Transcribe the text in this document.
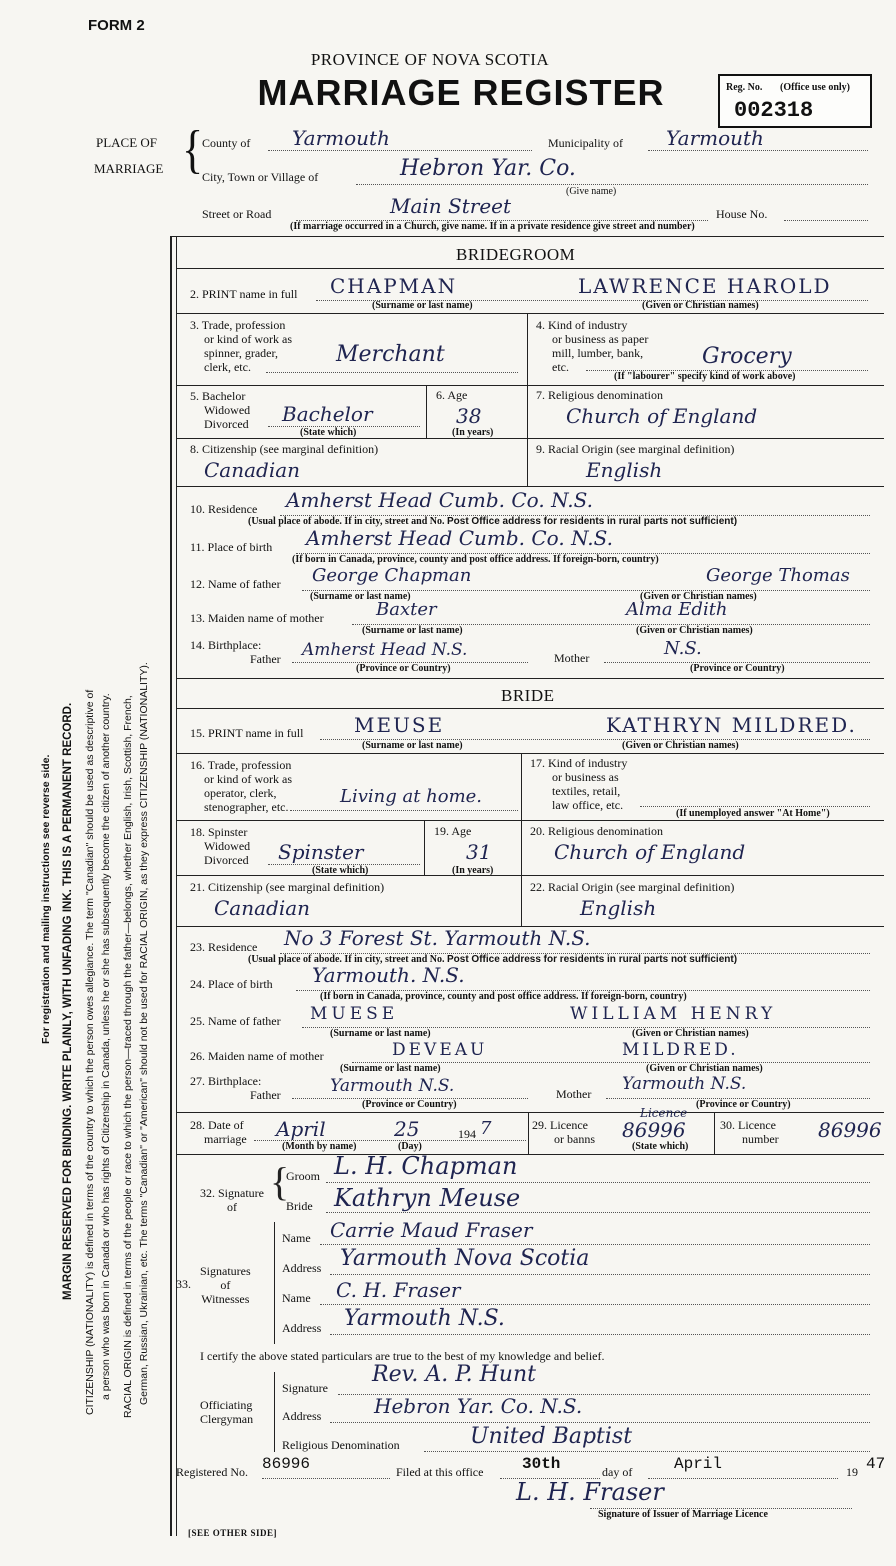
FORM 2
PROVINCE OF NOVA SCOTIA
MARRIAGE REGISTER	Reg. No. (Office use only)
002318
For registration and mailing instructions see reverse side. MARGIN RESERVED FOR BINDING. WRITE PLAINLY, WITH UNFADING INK. THIS IS A PERMANENT RECORD. CITIZENSHIP (NATIONALITY) is defined in terms of the country to which the person owes allegiance. The term "Canadian" should be used as descriptive of a person who was born in Canada or who has rights of Citizenship in Canada, unless he or she has subsequently become the citizen of another country. RACIAL ORIGIN is defined in terms of the people or race to which the person—traced through the father—belongs, whether English, Irish, Scottish, French, German, Russian, Ukrainian, etc. The terms "Canadian" or "American" should not be used for RACIAL ORIGIN, as they express CITIZENSHIP (NATIONALITY).
PLACE OF
MARRIAGE {
County of Yarmouth	Municipality of Yarmouth
City, Town or Village of	Hebron Yar. Co.
(Give name)
Street or Road	Main Street	House No.
(If marriage occurred in a Church, give name. If in a private residence give street and number)
BRIDEGROOM
2. PRINT name in full CHAPMAN	LAWRENCE HAROLD
(Surname or last name)	(Given or Christian names)
3. Trade, profession
or kind of work as
spinner, grader,
clerk, etc.	Merchant
4. Kind of industry
or business as paper
mill, lumber, bank,
etc.	Grocery
(If "labourer" specify kind of work above)
5. Bachelor
Widowed
Divorced Bachelor
(State which)
6. Age
38
(In years)
7. Religious denomination
Church of England
8. Citizenship (see marginal definition)
Canadian
9. Racial Origin (see marginal definition)
English
10. Residence Amherst Head Cumb. Co. N.S.
(Usual place of abode. If in city, street and No. Post Office address for residents in rural parts not sufficient)
11. Place of birth Amherst Head Cumb. Co. N.S.
(If born in Canada, province, county and post office address. If foreign-born, country)
12. Name of father George Chapman	George Thomas
(Surname or last name)	(Given or Christian names)
13. Maiden name of mother	Baxter	Alma Edith
(Surname or last name)	(Given or Christian names)
14. Birthplace:
Father Amherst Head N.S.	Mother	N.S.
(Province or Country)	(Province or Country)
BRIDE
15. PRINT name in full	MEUSE	KATHRYN MILDRED.
(Surname or last name)	(Given or Christian names)
16. Trade, profession
or kind of work as
operator, clerk,
stenographer, etc.	Living at home.
17. Kind of industry
or business as
textiles, retail,
law office, etc.
(If unemployed answer "At Home")
18. Spinster
Widowed
Divorced Spinster
(State which)
19. Age
31
(In years)
20. Religious denomination
Church of England
21. Citizenship (see marginal definition)
Canadian
22. Racial Origin (see marginal definition)
English
23. Residence No 3 Forest St. Yarmouth N.S.
(Usual place of abode. If in city, street and No. Post Office address for residents in rural parts not sufficient)
24. Place of birth Yarmouth. N.S.
(If born in Canada, province, county and post office address. If foreign-born, country)
25. Name of father MUESE	WILLIAM HENRY
(Surname or last name)	(Given or Christian names)
26. Maiden name of mother	DEVEAU	MILDRED.
(Surname or last name)	(Given or Christian names)
27. Birthplace:
Father	Yarmouth N.S.	Mother Yarmouth N.S.
(Province or Country)	(Province or Country)
28. Date of
marriage April	25	194 7
(Month by name)	(Day)
29. Licence
or banns
Licence
86996
(State which)
30. Licence
number 86996
32. Signature
of
{
Groom L. H. Chapman
Bride Kathryn Meuse
33.
Signatures
of
Witnesses
Name Carrie Maud Fraser
Address Yarmouth Nova Scotia
Name C. H. Fraser
Address Yarmouth N.S.
I certify the above stated particulars are true to the best of my knowledge and belief.
Officiating
Clergyman
Signature
Rev. A. P. Hunt
Address	Hebron Yar. Co. N.S.
Religious Denomination	United Baptist
Registered No. 86996	Filed at this office 30th	day of	April	19 47
L. H. Fraser
Signature of Issuer of Marriage Licence
[SEE OTHER SIDE]
